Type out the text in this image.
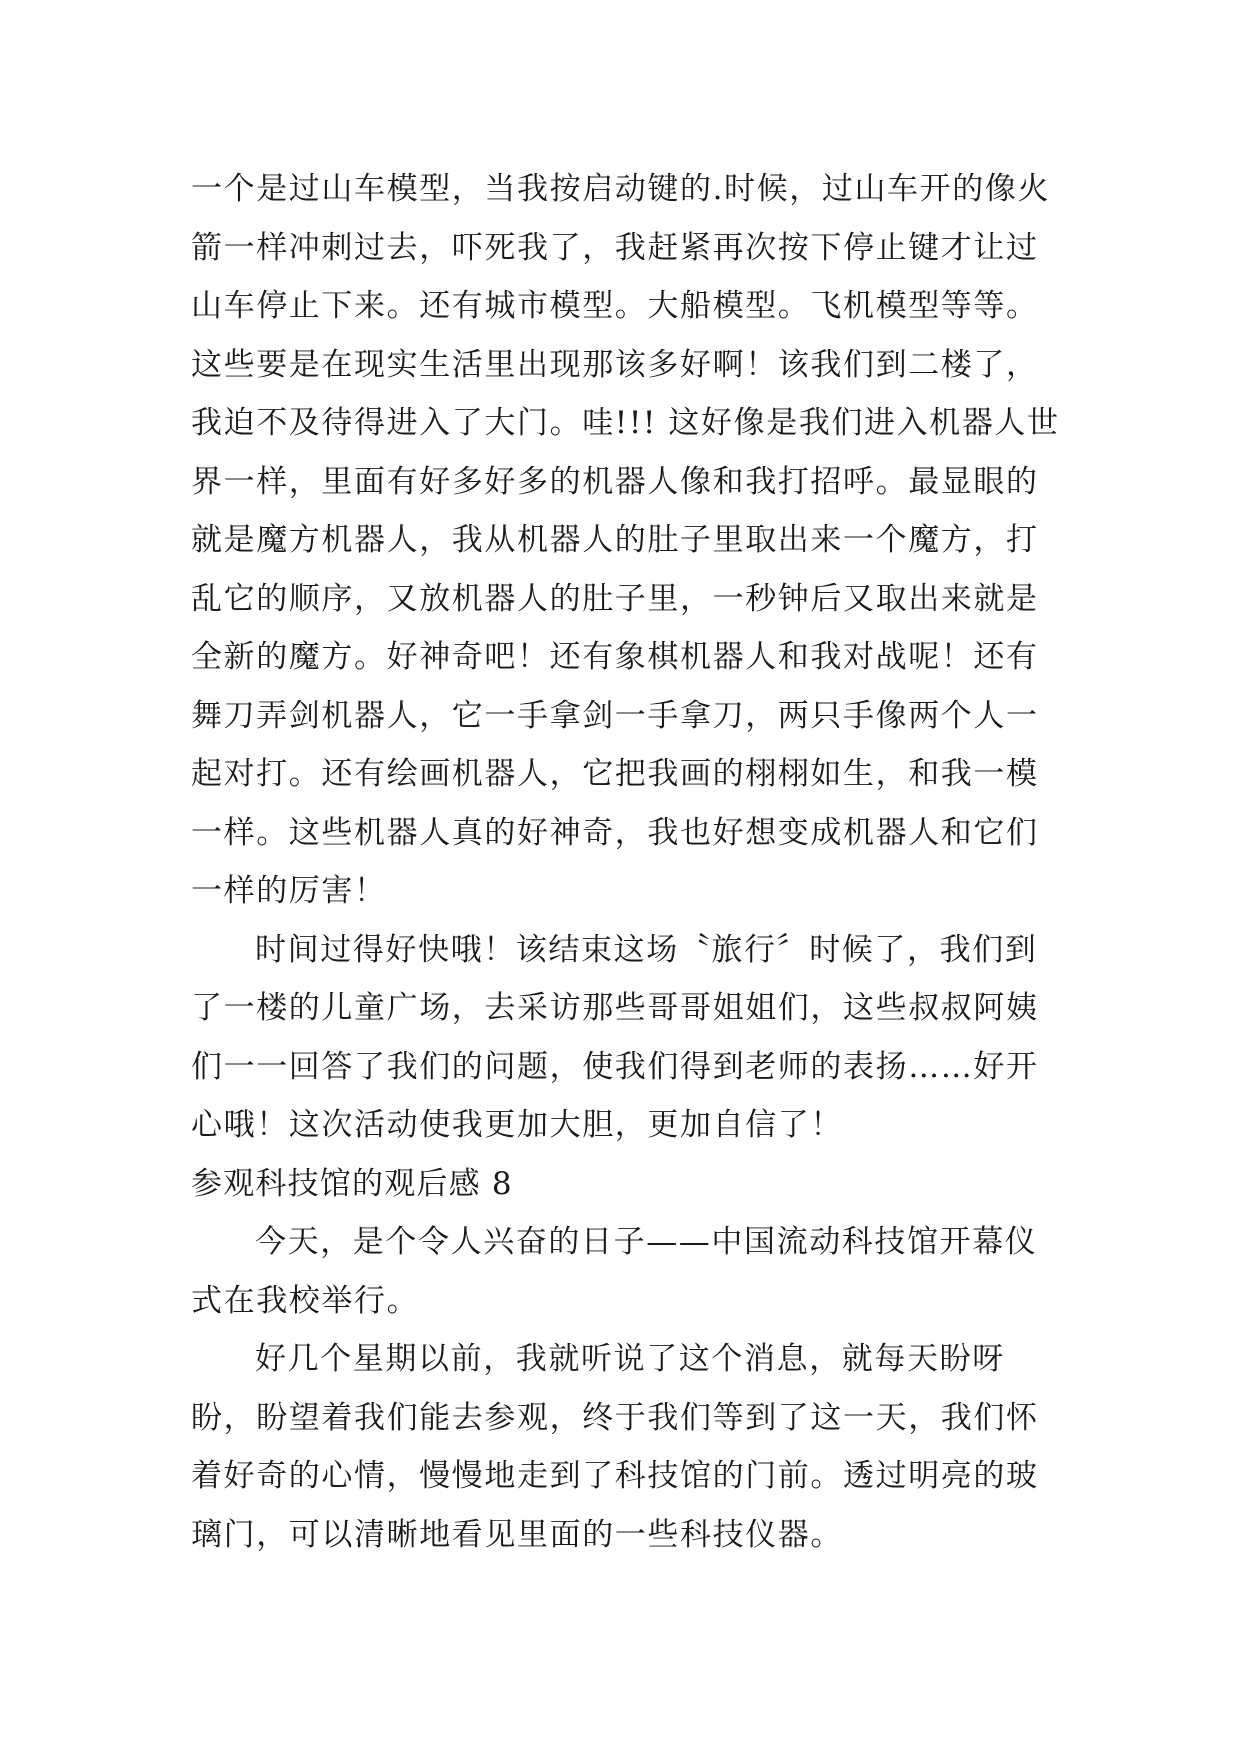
一个是过山车模型，当我按启动键的.时候，过山车开的像火箭一样冲刺过去，吓死我了，我赶紧再次按下停止键才让过山车停止下来。还有城市模型。大船模型。飞机模型等等。这些要是在现实生活里出现那该多好啊！该我们到二楼了，我迫不及待得进入了大门。哇!!! 这好像是我们进入机器人世界一样，里面有好多好多的机器人像和我打招呼。最显眼的就是魔方机器人，我从机器人的肚子里取出来一个魔方，打乱它的顺序，又放机器人的肚子里，一秒钟后又取出来就是全新的魔方。好神奇吧！还有象棋机器人和我对战呢！还有舞刀弄剑机器人，它一手拿剑一手拿刀，两只手像两个人一起对打。还有绘画机器人，它把我画的栩栩如生，和我一模一样。这些机器人真的好神奇，我也好想变成机器人和它们一样的厉害！

时间过得好快哦！该结束这场〝旅行〞时候了，我们到了一楼的儿童广场，去采访那些哥哥姐姐们，这些叔叔阿姨们一一回答了我们的问题，使我们得到老师的表扬……好开心哦！这次活动使我更加大胆，更加自信了！

参观科技馆的观后感 8

今天，是个令人兴奋的日子——中国流动科技馆开幕仪式在我校举行。

好几个星期以前，我就听说了这个消息，就每天盼呀盼，盼望着我们能去参观，终于我们等到了这一天，我们怀着好奇的心情，慢慢地走到了科技馆的门前。透过明亮的玻璃门，可以清晰地看见里面的一些科技仪器。
